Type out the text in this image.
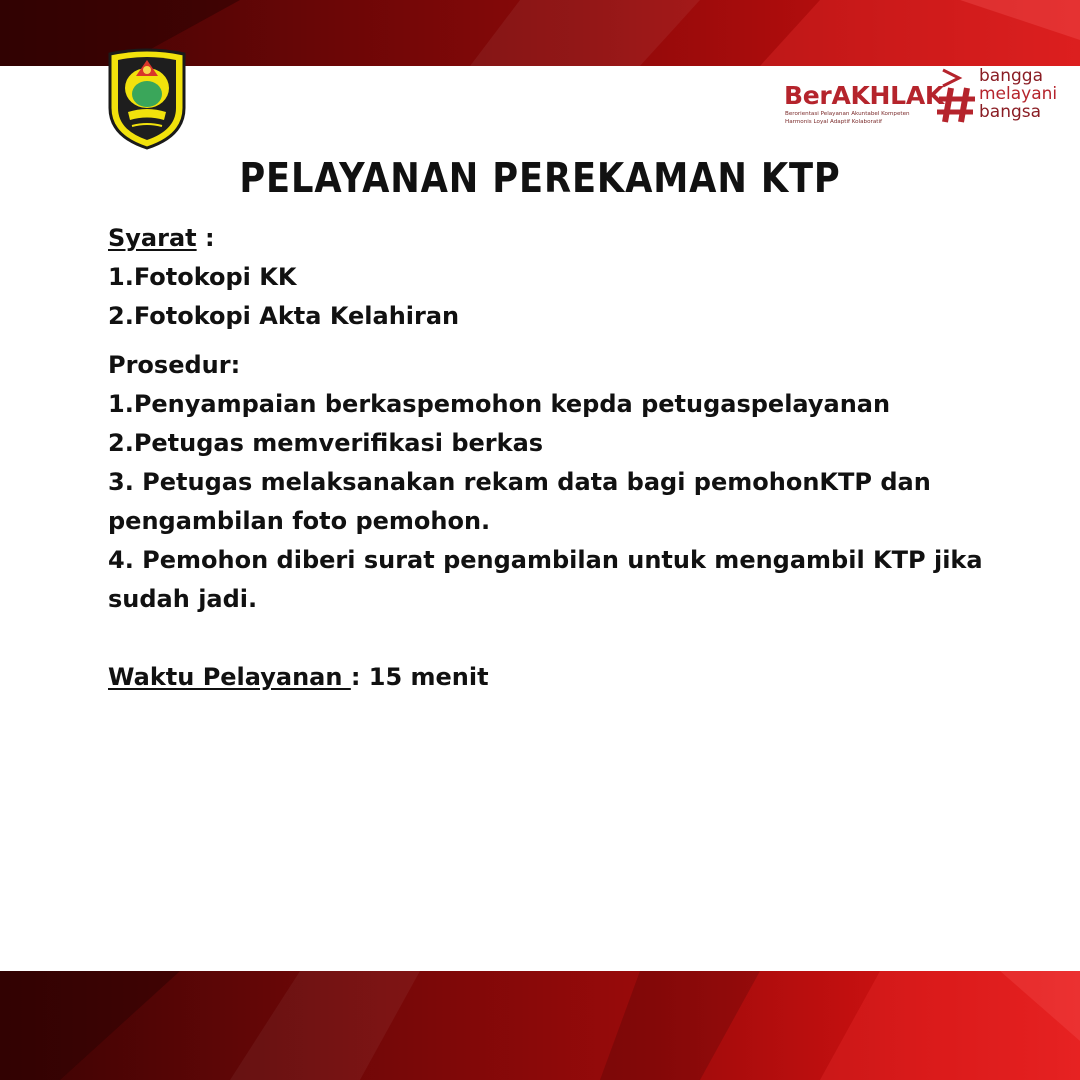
BerAKHLAK
Berorientasi Pelayanan Akuntabel Kompeten
Harmonis Loyal Adaptif Kolaboratif
bangga
melayani
bangsa
PELAYANAN PEREKAMAN KTP

Syarat :

1.Fotokopi KK

2.Fotokopi Akta Kelahiran

Prosedur:

1.Penyampaian berkaspemohon kepda petugaspelayanan

2.Petugas memverifikasi berkas

3. Petugas melaksanakan rekam data bagi pemohonKTP dan pengambilan foto pemohon.

4. Pemohon diberi surat pengambilan untuk mengambil KTP jika sudah jadi.

Waktu Pelayanan : 15 menit
